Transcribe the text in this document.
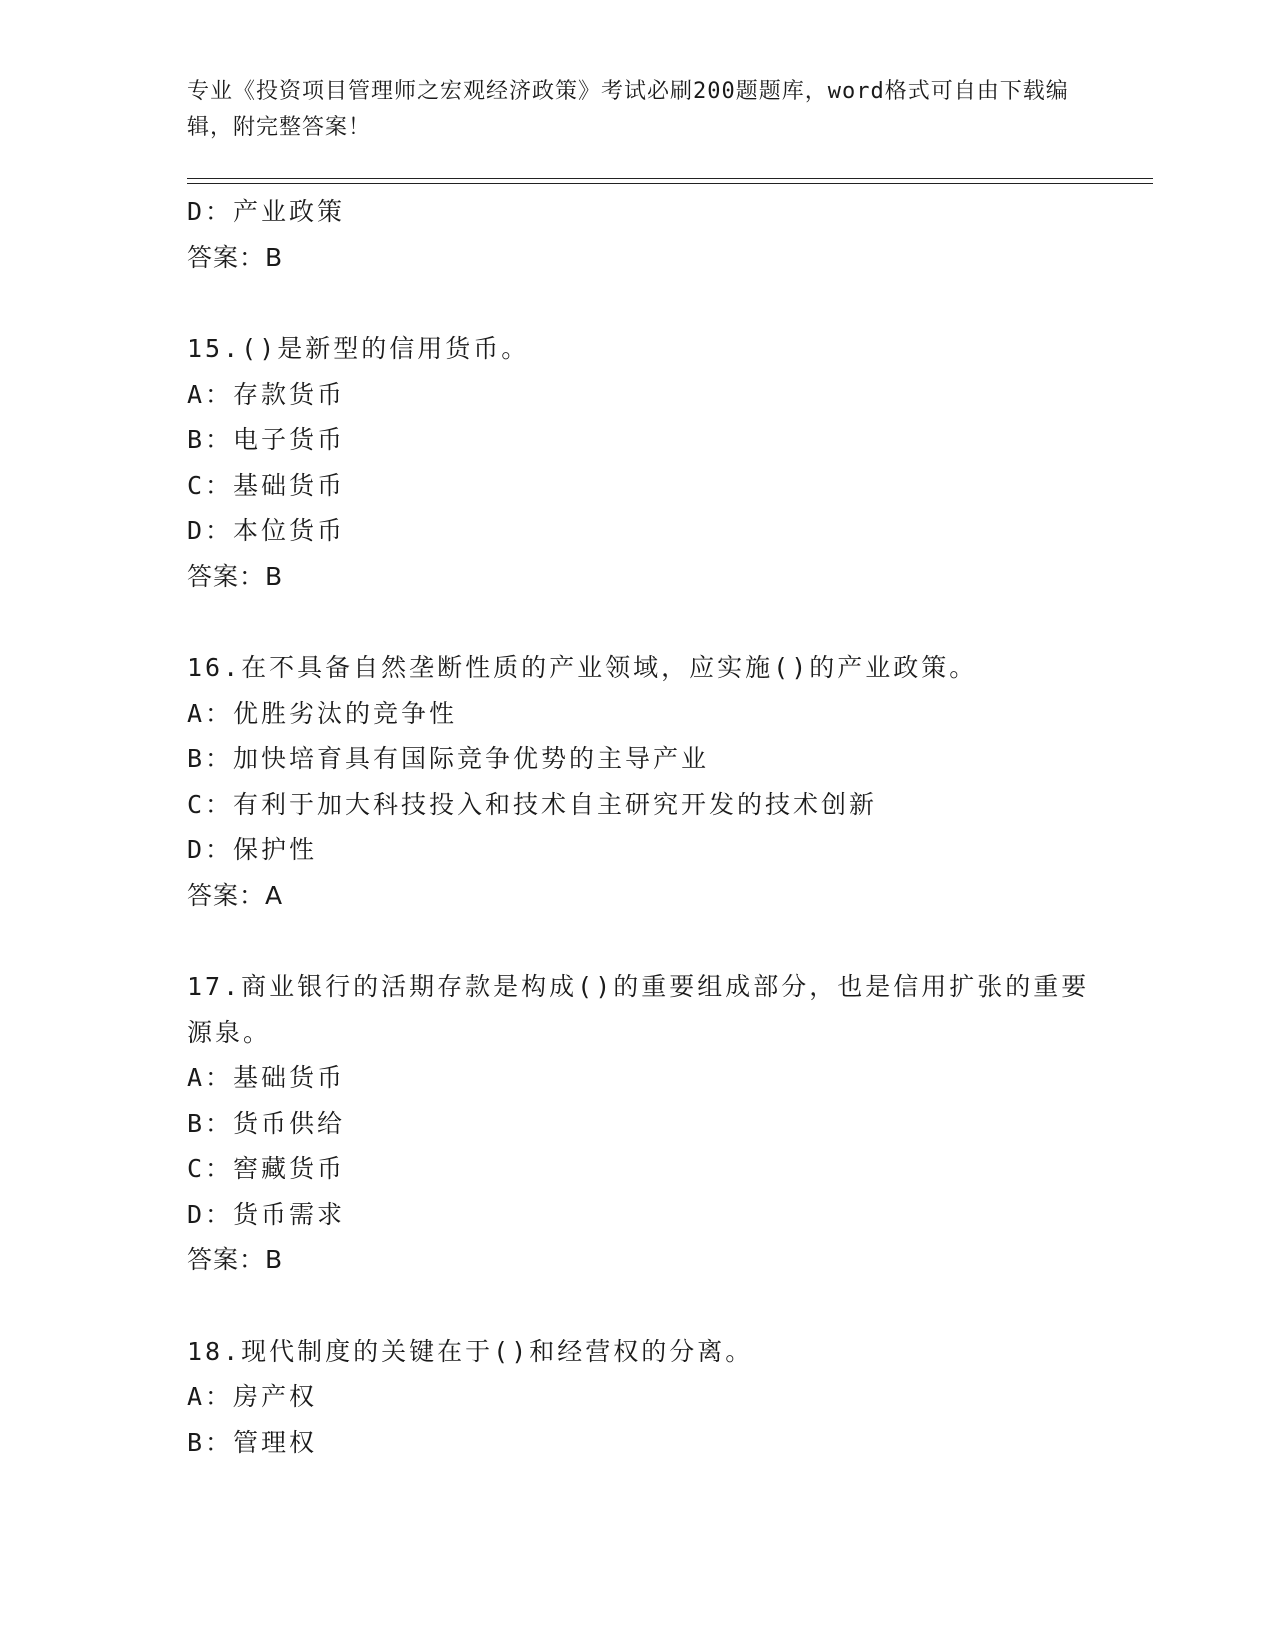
专业《投资项目管理师之宏观经济政策》考试必刷200题题库，word格式可自由下载编辑，附完整答案！
D：产业政策
答案：B
15.()是新型的信用货币。
A：存款货币
B：电子货币
C：基础货币
D：本位货币
答案：B
16.在不具备自然垄断性质的产业领域，应实施()的产业政策。
A：优胜劣汰的竞争性
B：加快培育具有国际竞争优势的主导产业
C：有利于加大科技投入和技术自主研究开发的技术创新
D：保护性
答案：A
17.商业银行的活期存款是构成()的重要组成部分，也是信用扩张的重要源泉。
A：基础货币
B：货币供给
C：窖藏货币
D：货币需求
答案：B
18.现代制度的关键在于()和经营权的分离。
A：房产权
B：管理权
